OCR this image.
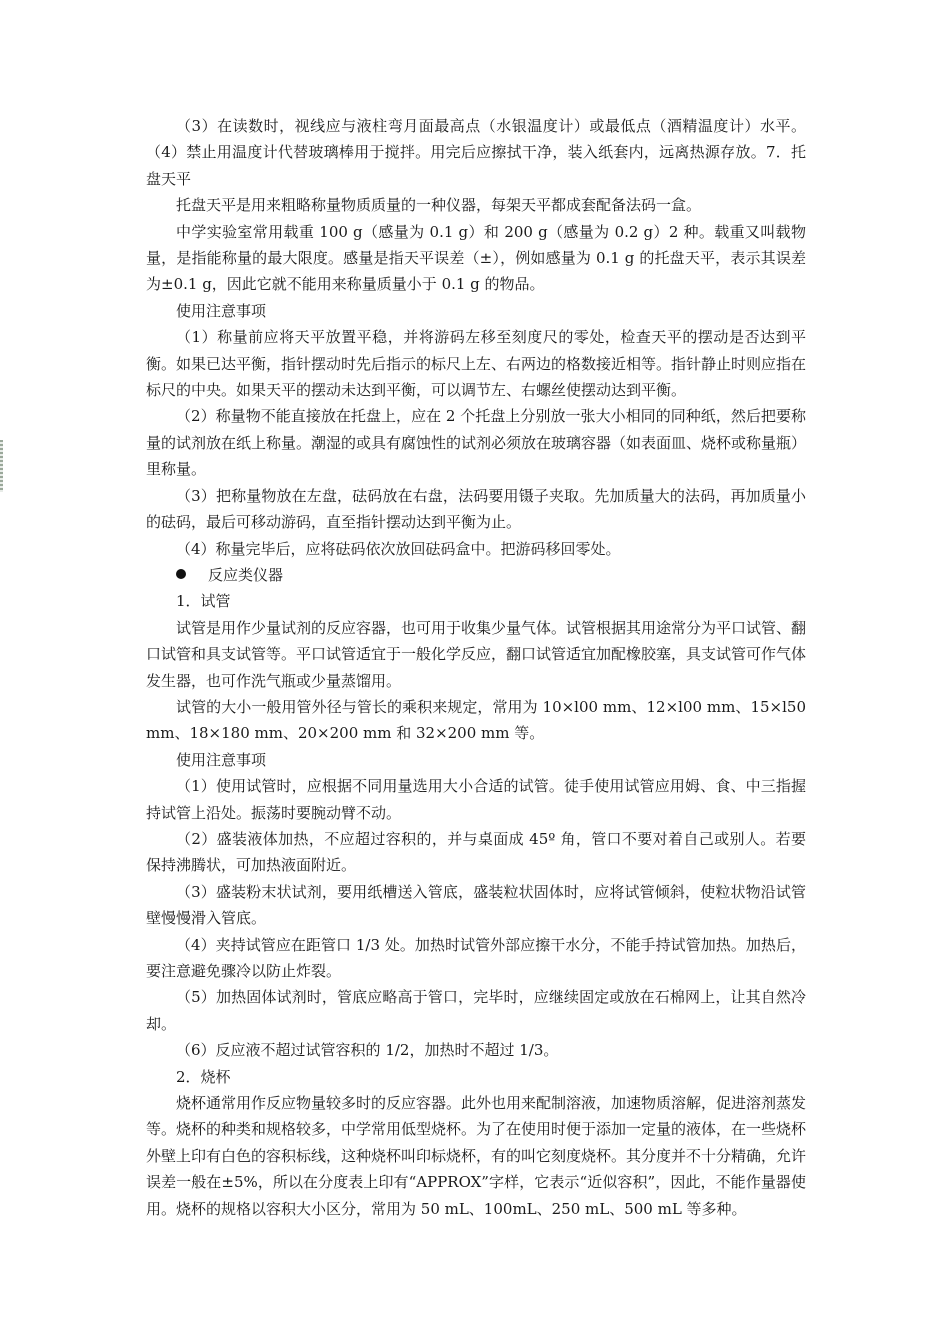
（3）在读数时，视线应与液柱弯月面最高点（水银温度计）或最低点（酒精温度计）水平。（4）禁止用温度计代替玻璃棒用于搅拌。用完后应擦拭干净，装入纸套内，远离热源存放。7．托盘天平

托盘天平是用来粗略称量物质质量的一种仪器，每架天平都成套配备法码一盒。

中学实验室常用载重 100 g（感量为 0.1 g）和 200 g（感量为 0.2 g）2 种。载重又叫载物量，是指能称量的最大限度。感量是指天平误差（±），例如感量为 0.1 g 的托盘天平，表示其误差为±0.1 g，因此它就不能用来称量质量小于 0.1 g 的物品。

使用注意事项

（1）称量前应将天平放置平稳，并将游码左移至刻度尺的零处，检查天平的摆动是否达到平衡。如果已达平衡，指针摆动时先后指示的标尺上左、右两边的格数接近相等。指针静止时则应指在标尺的中央。如果天平的摆动未达到平衡，可以调节左、右螺丝使摆动达到平衡。

（2）称量物不能直接放在托盘上，应在 2 个托盘上分别放一张大小相同的同种纸，然后把要称量的试剂放在纸上称量。潮湿的或具有腐蚀性的试剂必须放在玻璃容器（如表面皿、烧杯或称量瓶）里称量。

（3）把称量物放在左盘，砝码放在右盘，法码要用镊子夹取。先加质量大的法码，再加质量小的砝码，最后可移动游码，直至指针摆动达到平衡为止。

（4）称量完毕后，应将砝码依次放回砝码盒中。把游码移回零处。

反应类仪器

1．试管

试管是用作少量试剂的反应容器，也可用于收集少量气体。试管根据其用途常分为平口试管、翻口试管和具支试管等。平口试管适宜于一般化学反应，翻口试管适宜加配橡胶塞，具支试管可作气体发生器，也可作洗气瓶或少量蒸馏用。

试管的大小一般用管外径与管长的乘积来规定，常用为 10×l00 mm、12×l00 mm、15×l50 mm、18×180 mm、20×200 mm 和 32×200 mm 等。

使用注意事项

（1）使用试管时，应根据不同用量选用大小合适的试管。徒手使用试管应用姆、食、中三指握持试管上沿处。振荡时要腕动臂不动。

（2）盛装液体加热，不应超过容积的，并与桌面成 45º 角，管口不要对着自己或别人。若要保持沸腾状，可加热液面附近。

（3）盛装粉末状试剂，要用纸槽送入管底，盛装粒状固体时，应将试管倾斜，使粒状物沿试管壁慢慢滑入管底。

（4）夹持试管应在距管口 1/3 处。加热时试管外部应擦干水分，不能手持试管加热。加热后，要注意避免骤冷以防止炸裂。

（5）加热固体试剂时，管底应略高于管口，完毕时，应继续固定或放在石棉网上，让其自然冷却。

（6）反应液不超过试管容积的 1/2，加热时不超过 1/3。

2．烧杯

烧杯通常用作反应物量较多时的反应容器。此外也用来配制溶液，加速物质溶解，促进溶剂蒸发等。烧杯的种类和规格较多，中学常用低型烧杯。为了在使用时便于添加一定量的液体，在一些烧杯外壁上印有白色的容积标线，这种烧杯叫印标烧杯，有的叫它刻度烧杯。其分度并不十分精确，允许误差一般在±5%，所以在分度表上印有“APPROX”字样，它表示“近似容积”，因此，不能作量器使用。烧杯的规格以容积大小区分，常用为 50 mL、100mL、250 mL、500 mL 等多种。
